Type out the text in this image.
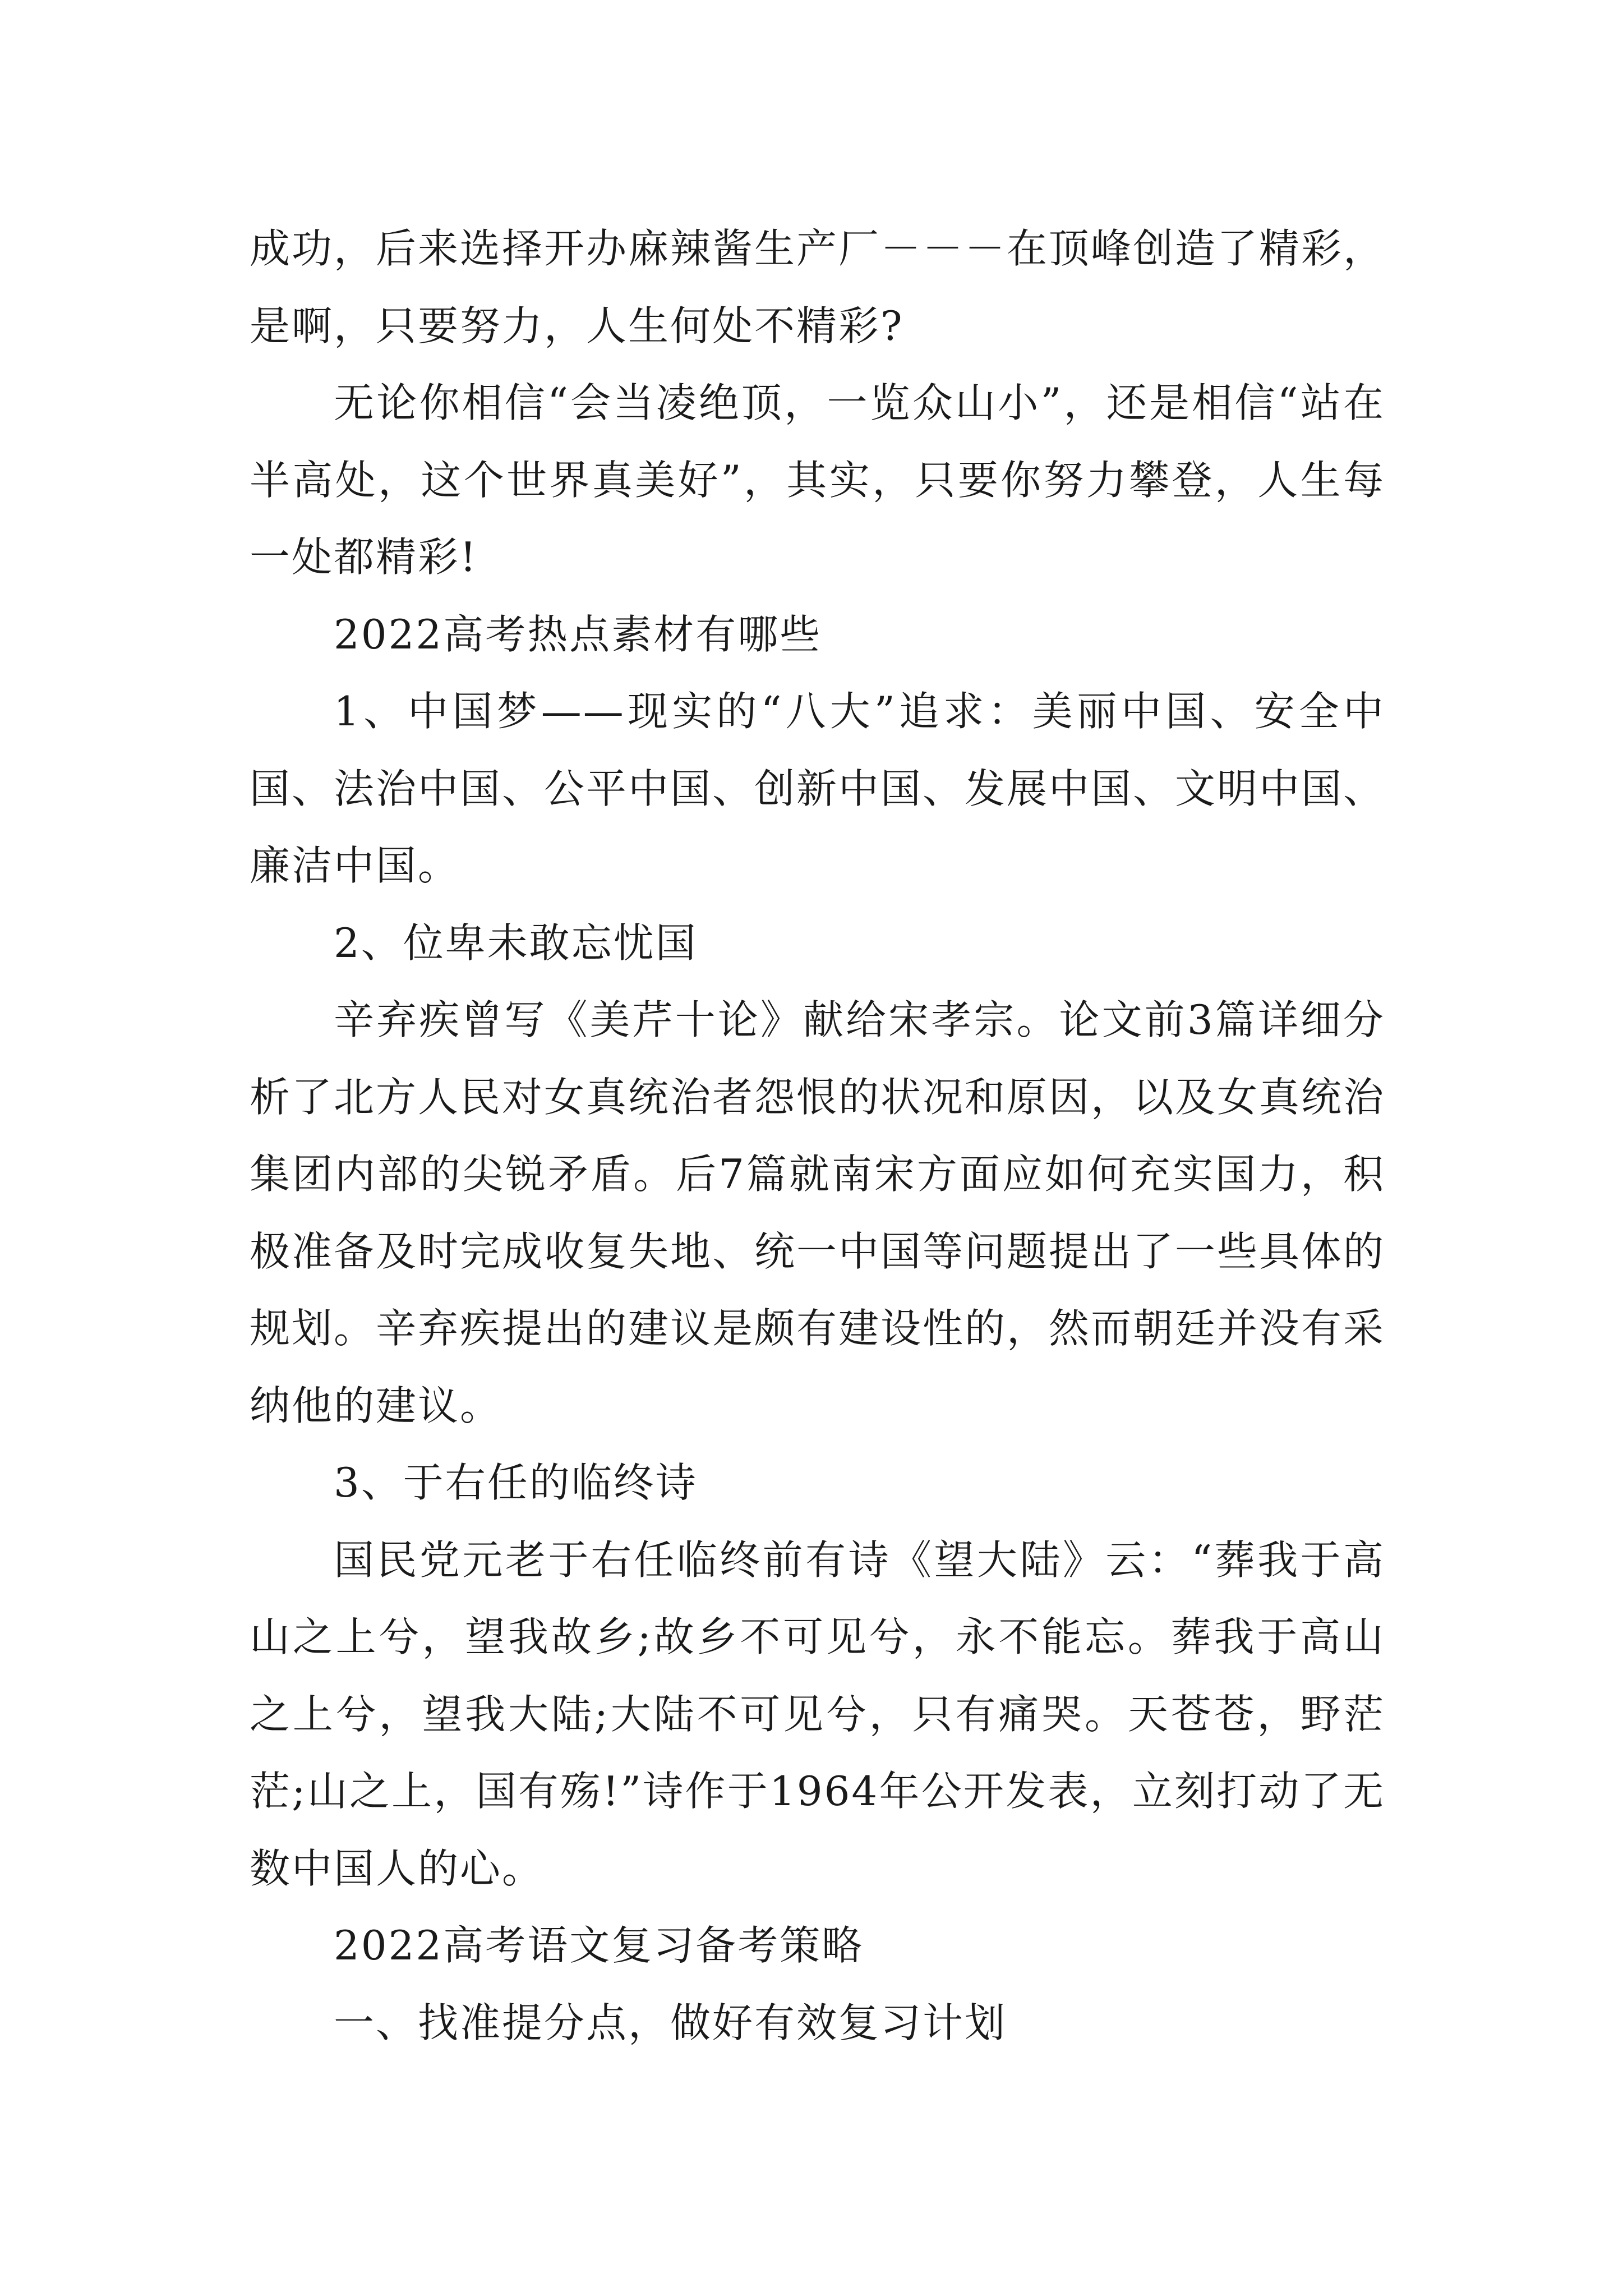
成功，后来选择开办麻辣酱生产厂－－－在顶峰创造了精彩，是啊，只要努力，人生何处不精彩?

无论你相信“会当凌绝顶，一览众山小”，还是相信“站在半高处，这个世界真美好”，其实，只要你努力攀登，人生每一处都精彩!

2022高考热点素材有哪些

1、中国梦——现实的“八大”追求：美丽中国、安全中国、法治中国、公平中国、创新中国、发展中国、文明中国、廉洁中国。

2、位卑未敢忘忧国

辛弃疾曾写《美芹十论》献给宋孝宗。论文前3篇详细分析了北方人民对女真统治者怨恨的状况和原因，以及女真统治集团内部的尖锐矛盾。后7篇就南宋方面应如何充实国力，积极准备及时完成收复失地、统一中国等问题提出了一些具体的规划。辛弃疾提出的建议是颇有建设性的，然而朝廷并没有采纳他的建议。

3、于右任的临终诗

国民党元老于右任临终前有诗《望大陆》云：“葬我于高山之上兮，望我故乡;故乡不可见兮，永不能忘。葬我于高山之上兮，望我大陆;大陆不可见兮，只有痛哭。天苍苍，野茫茫;山之上，国有殇!”诗作于1964年公开发表，立刻打动了无数中国人的心。

2022高考语文复习备考策略

一、找准提分点，做好有效复习计划
